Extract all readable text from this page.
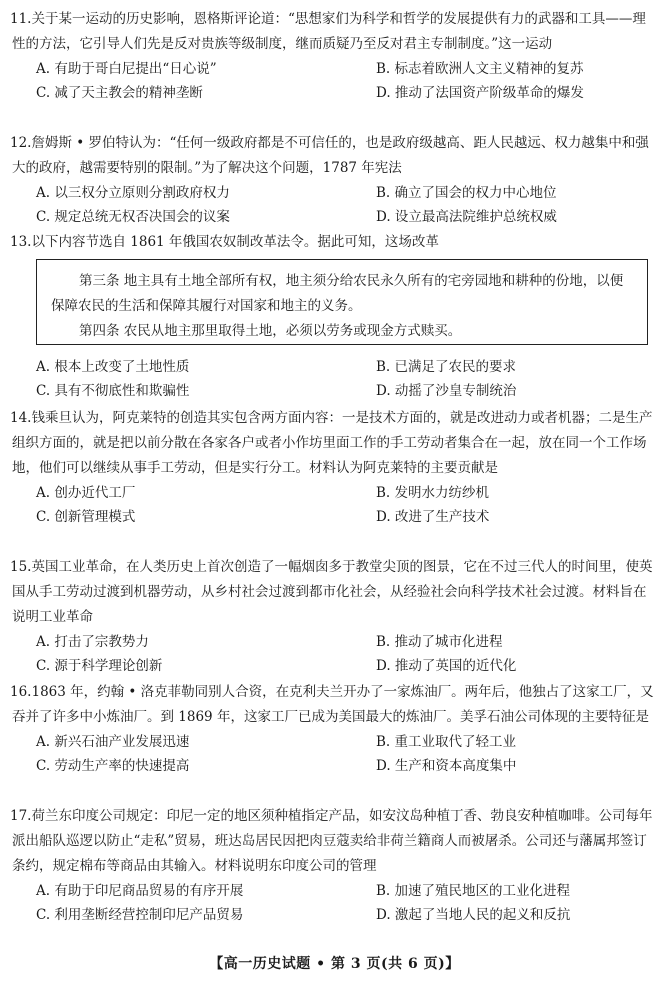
11.关于某一运动的历史影响，恩格斯评论道：“思想家们为科学和哲学的发展提供有力的武器和工具——理性的方法，它引导人们先是反对贵族等级制度，继而质疑乃至反对君主专制制度。”这一运动
A. 有助于哥白尼提出“日心说”	B. 标志着欧洲人文主义精神的复苏
C. 减了天主教会的精神垄断	D. 推动了法国资产阶级革命的爆发
12.詹姆斯 • 罗伯特认为：“任何一级政府都是不可信任的，也是政府级越高、距人民越远、权力越集中和强大的政府，越需要特别的限制。”为了解决这个问题，1787 年宪法
A. 以三权分立原则分割政府权力	B. 确立了国会的权力中心地位
C. 规定总统无权否决国会的议案	D. 设立最高法院维护总统权威
13.以下内容节选自 1861 年俄国农奴制改革法令。据此可知，这场改革

第三条 地主具有土地全部所有权，地主须分给农民永久所有的宅旁园地和耕种的份地，以便保障农民的生活和保障其履行对国家和地主的义务。

第四条 农民从地主那里取得土地，必须以劳务或现金方式赎买。

A. 根本上改变了土地性质	B. 已满足了农民的要求
C. 具有不彻底性和欺骗性	D. 动摇了沙皇专制统治
14.钱乘旦认为，阿克莱特的创造其实包含两方面内容：一是技术方面的，就是改进动力或者机器；二是生产组织方面的，就是把以前分散在各家各户或者小作坊里面工作的手工劳动者集合在一起，放在同一个工作场地，他们可以继续从事手工劳动，但是实行分工。材料认为阿克莱特的主要贡献是
A. 创办近代工厂	B. 发明水力纺纱机
C. 创新管理模式	D. 改进了生产技术
15.英国工业革命，在人类历史上首次创造了一幅烟囱多于教堂尖顶的图景，它在不过三代人的时间里，使英国从手工劳动过渡到机器劳动，从乡村社会过渡到都市化社会，从经验社会向科学技术社会过渡。材料旨在说明工业革命
A. 打击了宗教势力	B. 推动了城市化进程
C. 源于科学理论创新	D. 推动了英国的近代化
16.1863 年，约翰 • 洛克菲勒同别人合资，在克利夫兰开办了一家炼油厂。两年后，他独占了这家工厂，又吞并了许多中小炼油厂。到 1869 年，这家工厂已成为美国最大的炼油厂。美孚石油公司体现的主要特征是
A. 新兴石油产业发展迅速	B. 重工业取代了轻工业
C. 劳动生产率的快速提高	D. 生产和资本高度集中
17.荷兰东印度公司规定：印尼一定的地区须种植指定产品，如安汶岛种植丁香、勃良安种植咖啡。公司每年派出船队巡逻以防止“走私”贸易，班达岛居民因把肉豆蔻卖给非荷兰籍商人而被屠杀。公司还与藩属邦签订条约，规定棉布等商品由其输入。材料说明东印度公司的管理
A. 有助于印尼商品贸易的有序开展	B. 加速了殖民地区的工业化进程
C. 利用垄断经营控制印尼产品贸易	D. 激起了当地人民的起义和反抗
【高一历史试题 • 第 3 页(共 6 页)】
